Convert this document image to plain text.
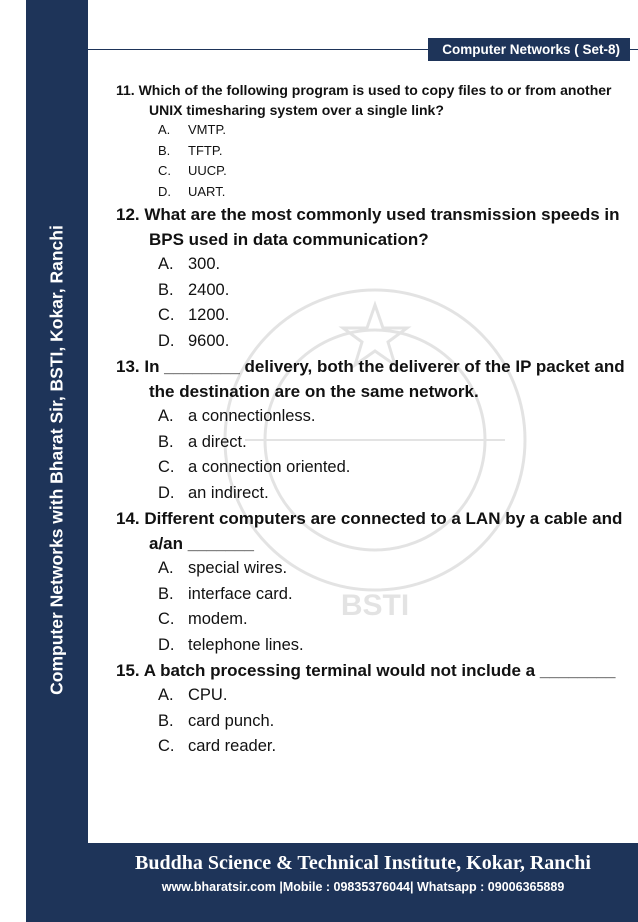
Computer Networks with Bharat Sir, BSTI, Kokar, Ranchi
Computer Networks ( Set-8)
BSTI

11. Which of the following program is used to copy files to or from another UNIX timesharing system over a single link?

A. VMTP.
B. TFTP.
C. UUCP.
D. UART.

12. What are the most commonly used transmission speeds in BPS used in data communication?

A. 300.
B. 2400.
C. 1200.
D. 9600.

13. In ________ delivery, both the deliverer of the IP packet and the destination are on the same network.

A. a connectionless.
B. a direct.
C. a connection oriented.
D. an indirect.

14. Different computers are connected to a LAN by a cable and a/an _______

A. special wires.
B. interface card.
C. modem.
D. telephone lines.

15. A batch processing terminal would not include a ________

A. CPU.
B. card punch.
C. card reader.
Buddha Science & Technical Institute, Kokar, Ranchi
www.bharatsir.com |Mobile : 09835376044| Whatsapp : 09006365889
